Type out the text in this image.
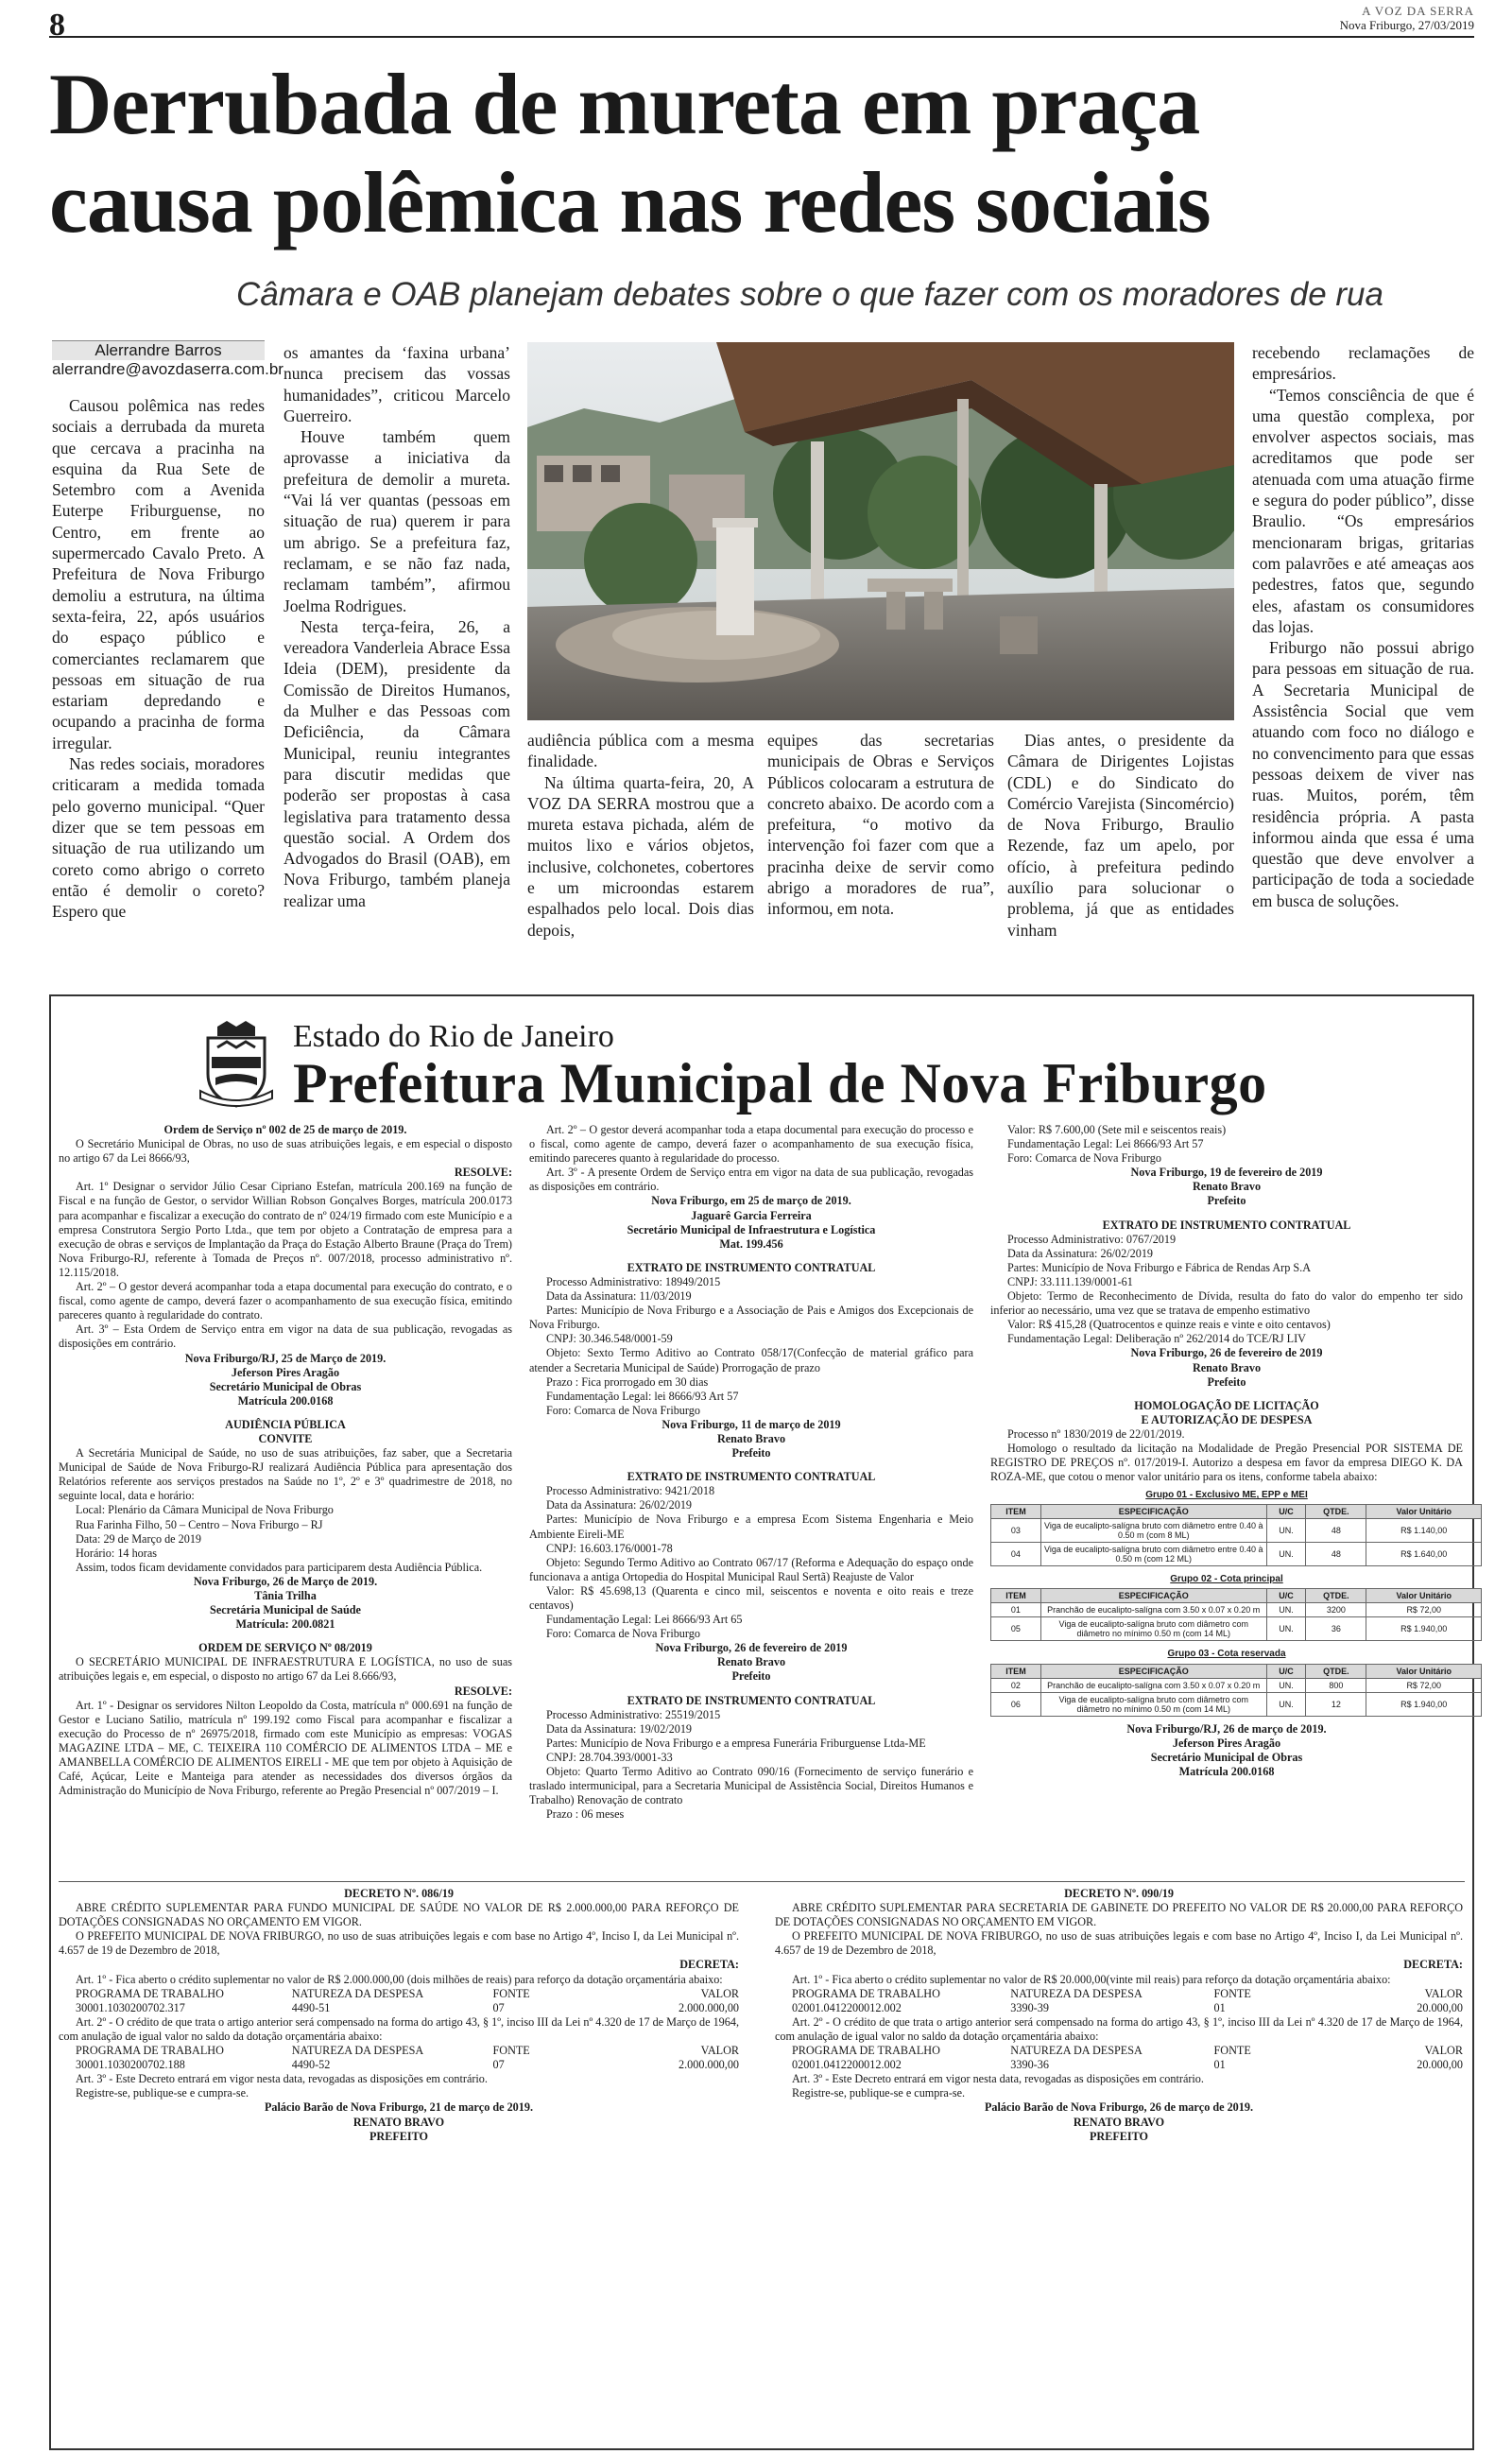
8	A VOZ DA SERRA
Nova Friburgo, 27/03/2019
Derrubada de mureta em praça
causa polêmica nas redes sociais
Câmara e OAB planejam debates sobre o que fazer com os moradores de rua
Alerrandre Barros
alerrandre@avozdaserra.com.br

Causou polêmica nas redes sociais a derrubada da mureta que cercava a pracinha na esquina da Rua Sete de Setembro com a Avenida Euterpe Friburguense, no Centro, em frente ao supermercado Cavalo Preto. A Prefeitura de Nova Friburgo demoliu a estrutura, na última sexta-feira, 22, após usuários do espaço público e comerciantes reclamarem que pessoas em situação de rua estariam depredando e ocupando a pracinha de forma irregular.

Nas redes sociais, moradores criticaram a medida tomada pelo governo municipal. “Quer dizer que se tem pessoas em situação de rua utilizando um coreto como abrigo o correto então é demolir o coreto? Espero que

os amantes da ‘faxina urbana’ nunca precisem das vossas humanidades”, criticou Marcelo Guerreiro.

Houve também quem aprovasse a iniciativa da prefeitura de demolir a mureta. “Vai lá ver quantas (pessoas em situação de rua) querem ir para um abrigo. Se a prefeitura faz, reclamam, e se não faz nada, reclamam também”, afirmou Joelma Rodrigues.

Nesta terça-feira, 26, a vereadora Vanderleia Abrace Essa Ideia (DEM), presidente da Comissão de Direitos Humanos, da Mulher e das Pessoas com Deficiência, da Câmara Municipal, reuniu integrantes para discutir medidas que poderão ser propostas à casa legislativa para tratamento dessa questão social. A Ordem dos Advogados do Brasil (OAB), em Nova Friburgo, também planeja realizar uma

audiência pública com a mesma finalidade.

Na última quarta-feira, 20, A VOZ DA SERRA mostrou que a mureta estava pichada, além de muitos lixo e vários objetos, inclusive, colchonetes, cobertores e um microondas estarem espalhados pelo local. Dois dias depois,

equipes das secretarias municipais de Obras e Serviços Públicos colocaram a estrutura de concreto abaixo. De acordo com a prefeitura, “o motivo da intervenção foi fazer com que a pracinha deixe de servir como abrigo a moradores de rua”, informou, em nota.

Dias antes, o presidente da Câmara de Dirigentes Lojistas (CDL) e do Sindicato do Comércio Varejista (Sincomércio) de Nova Friburgo, Braulio Rezende, faz um apelo, por ofício, à prefeitura pedindo auxílio para solucionar o problema, já que as entidades vinham

recebendo reclamações de empresários.

“Temos consciência de que é uma questão complexa, por envolver aspectos sociais, mas acreditamos que pode ser atenuada com uma atuação firme e segura do poder público”, disse Braulio. “Os empresários mencionaram brigas, gritarias com palavrões e até ameaças aos pedestres, fatos que, segundo eles, afastam os consumidores das lojas.

Friburgo não possui abrigo para pessoas em situação de rua. A Secretaria Municipal de Assistência Social que vem atuando com foco no diálogo e no convencimento para que essas pessoas deixem de viver nas ruas. Muitos, porém, têm residência própria. A pasta informou ainda que essa é uma questão que deve envolver a participação de toda a sociedade em busca de soluções.

Estado do Rio de Janeiro
Prefeitura Municipal de Nova Friburgo

Ordem de Serviço nº 002 de 25 de março de 2019.

O Secretário Municipal de Obras, no uso de suas atribuições legais, e em especial o disposto no artigo 67 da Lei 8666/93,

RESOLVE:

Art. 1º Designar o servidor Júlio Cesar Cipriano Estefan, matrícula 200.169 na função de Fiscal e na função de Gestor, o servidor Willian Robson Gonçalves Borges, matrícula 200.0173 para acompanhar e fiscalizar a execução do contrato de nº 024/19 firmado com este Município e a empresa Construtora Sergio Porto Ltda., que tem por objeto a Contratação de empresa para a execução de obras e serviços de Implantação da Praça do Estação Alberto Braune (Praça do Trem) Nova Friburgo-RJ, referente à Tomada de Preços nº. 007/2018, processo administrativo nº. 12.115/2018.

Art. 2º – O gestor deverá acompanhar toda a etapa documental para execução do contrato, e o fiscal, como agente de campo, deverá fazer o acompanhamento de sua execução física, emitindo pareceres quanto à regularidade do contrato.

Art. 3º – Esta Ordem de Serviço entra em vigor na data de sua publicação, revogadas as disposições em contrário.

Nova Friburgo/RJ, 25 de Março de 2019.

Jeferson Pires Aragão

Secretário Municipal de Obras

Matrícula 200.0168

AUDIÊNCIA PÚBLICA

CONVITE

A Secretária Municipal de Saúde, no uso de suas atribuições, faz saber, que a Secretaria Municipal de Saúde de Nova Friburgo-RJ realizará Audiência Pública para apresentação dos Relatórios referente aos serviços prestados na Saúde no 1º, 2º e 3º quadrimestre de 2018, no seguinte local, data e horário:

Local: Plenário da Câmara Municipal de Nova Friburgo

Rua Farinha Filho, 50 – Centro – Nova Friburgo – RJ

Data: 29 de Março de 2019

Horário: 14 horas

Assim, todos ficam devidamente convidados para participarem desta Audiência Pública.

Nova Friburgo, 26 de Março de 2019.

Tânia Trilha

Secretária Municipal de Saúde

Matrícula: 200.0821

ORDEM DE SERVIÇO Nº 08/2019

O SECRETÁRIO MUNICIPAL DE INFRAESTRUTURA E LOGÍSTICA, no uso de suas atribuições legais e, em especial, o disposto no artigo 67 da Lei 8.666/93,

RESOLVE:

Art. 1º - Designar os servidores Nilton Leopoldo da Costa, matrícula nº 000.691 na função de Gestor e Luciano Satilio, matrícula nº 199.192 como Fiscal para acompanhar e fiscalizar a execução do Processo de nº 26975/2018, firmado com este Município as empresas: VOGAS MAGAZINE LTDA – ME, C. TEIXEIRA 110 COMÉRCIO DE ALIMENTOS LTDA – ME e AMANBELLA COMÉRCIO DE ALIMENTOS EIRELI - ME que tem por objeto à Aquisição de Café, Açúcar, Leite e Manteiga para atender as necessidades dos diversos órgãos da Administração do Município de Nova Friburgo, referente ao Pregão Presencial nº 007/2019 – I.

Art. 2º – O gestor deverá acompanhar toda a etapa documental para execução do processo e o fiscal, como agente de campo, deverá fazer o acompanhamento de sua execução física, emitindo pareceres quanto à regularidade do processo.

Art. 3º - A presente Ordem de Serviço entra em vigor na data de sua publicação, revogadas as disposições em contrário.

Nova Friburgo, em 25 de março de 2019.

Jaguarê Garcia Ferreira

Secretário Municipal de Infraestrutura e Logística

Mat. 199.456

EXTRATO DE INSTRUMENTO CONTRATUAL

Processo Administrativo: 18949/2015

Data da Assinatura: 11/03/2019

Partes: Município de Nova Friburgo e a Associação de Pais e Amigos dos Excepcionais de Nova Friburgo.

CNPJ: 30.346.548/0001-59

Objeto: Sexto Termo Aditivo ao Contrato 058/17(Confecção de material gráfico para atender a Secretaria Municipal de Saúde) Prorrogação de prazo

Prazo : Fica prorrogado em 30 dias

Fundamentação Legal: lei 8666/93 Art 57

Foro: Comarca de Nova Friburgo

Nova Friburgo, 11 de março de 2019

Renato Bravo

Prefeito

EXTRATO DE INSTRUMENTO CONTRATUAL

Processo Administrativo: 9421/2018

Data da Assinatura: 26/02/2019

Partes: Município de Nova Friburgo e a empresa Ecom Sistema Engenharia e Meio Ambiente Eireli-ME

CNPJ: 16.603.176/0001-78

Objeto: Segundo Termo Aditivo ao Contrato 067/17 (Reforma e Adequação do espaço onde funcionava a antiga Ortopedia do Hospital Municipal Raul Sertã) Reajuste de Valor

Valor: R$ 45.698,13 (Quarenta e cinco mil, seiscentos e noventa e oito reais e treze centavos)

Fundamentação Legal: Lei 8666/93 Art 65

Foro: Comarca de Nova Friburgo

Nova Friburgo, 26 de fevereiro de 2019

Renato Bravo

Prefeito

EXTRATO DE INSTRUMENTO CONTRATUAL

Processo Administrativo: 25519/2015

Data da Assinatura: 19/02/2019

Partes: Município de Nova Friburgo e a empresa Funerária Friburguense Ltda-ME

CNPJ: 28.704.393/0001-33

Objeto: Quarto Termo Aditivo ao Contrato 090/16 (Fornecimento de serviço funerário e traslado intermunicipal, para a Secretaria Municipal de Assistência Social, Direitos Humanos e Trabalho) Renovação de contrato

Prazo : 06 meses

Valor: R$ 7.600,00 (Sete mil e seiscentos reais)

Fundamentação Legal: Lei 8666/93 Art 57

Foro: Comarca de Nova Friburgo

Nova Friburgo, 19 de fevereiro de 2019

Renato Bravo

Prefeito

EXTRATO DE INSTRUMENTO CONTRATUAL

Processo Administrativo: 0767/2019

Data da Assinatura: 26/02/2019

Partes: Município de Nova Friburgo e Fábrica de Rendas Arp S.A

CNPJ: 33.111.139/0001-61

Objeto: Termo de Reconhecimento de Dívida, resulta do fato do valor do empenho ter sido inferior ao necessário, uma vez que se tratava de empenho estimativo

Valor: R$ 415,28 (Quatrocentos e quinze reais e vinte e oito centavos)

Fundamentação Legal: Deliberação nº 262/2014 do TCE/RJ LIV

Nova Friburgo, 26 de fevereiro de 2019

Renato Bravo

Prefeito

HOMOLOGAÇÃO DE LICITAÇÃO

E AUTORIZAÇÃO DE DESPESA

Processo nº 1830/2019 de 22/01/2019.

Homologo o resultado da licitação na Modalidade de Pregão Presencial POR SISTEMA DE REGISTRO DE PREÇOS nº. 017/2019-I. Autorizo a despesa em favor da empresa DIEGO K. DA ROZA-ME, que cotou o menor valor unitário para os itens, conforme tabela abaixo:

Grupo 01 - Exclusivo ME, EPP e MEI
ITEM	ESPECIFICAÇÃO	U/C	QTDE.	Valor Unitário
03	Viga de eucalipto-salígna bruto com diâmetro entre 0.40 à 0.50 m (com 8 ML)	UN.	48	R$ 1.140,00
04	Viga de eucalipto-salígna bruto com diâmetro entre 0.40 à 0.50 m (com 12 ML)	UN.	48	R$ 1.640,00
Grupo 02 - Cota principal
ITEM	ESPECIFICAÇÃO	U/C	QTDE.	Valor Unitário
01	Pranchão de eucalipto-salígna com 3.50 x 0.07 x 0.20 m	UN.	3200	R$ 72,00
05	Viga de eucalipto-salígna bruto com diâmetro com diâmetro no mínimo 0.50 m (com 14 ML)	UN.	36	R$ 1.940,00
Grupo 03 - Cota reservada
ITEM	ESPECIFICAÇÃO	U/C	QTDE.	Valor Unitário
02	Pranchão de eucalipto-salígna com 3.50 x 0.07 x 0.20 m	UN.	800	R$ 72,00
06	Viga de eucalipto-salígna bruto com diâmetro com diâmetro no mínimo 0.50 m (com 14 ML)	UN.	12	R$ 1.940,00

Nova Friburgo/RJ, 26 de março de 2019.

Jeferson Pires Aragão

Secretário Municipal de Obras

Matrícula 200.0168

DECRETO Nº. 086/19

ABRE CRÉDITO SUPLEMENTAR PARA FUNDO MUNICIPAL DE SAÚDE NO VALOR DE R$ 2.000.000,00 PARA REFORÇO DE DOTAÇÕES CONSIGNADAS NO ORÇAMENTO EM VIGOR.

O PREFEITO MUNICIPAL DE NOVA FRIBURGO, no uso de suas atribuições legais e com base no Artigo 4º, Inciso I, da Lei Municipal nº. 4.657 de 19 de Dezembro de 2018,

DECRETA:

Art. 1º - Fica aberto o crédito suplementar no valor de R$ 2.000.000,00 (dois milhões de reais) para reforço da dotação orçamentária abaixo:

PROGRAMA DE TRABALHO	NATUREZA DA DESPESA	FONTE	VALOR
30001.1030200702.317	4490-51	07	2.000.000,00

Art. 2º - O crédito de que trata o artigo anterior será compensado na forma do artigo 43, § 1º, inciso III da Lei nº 4.320 de 17 de Março de 1964, com anulação de igual valor no saldo da dotação orçamentária abaixo:

PROGRAMA DE TRABALHO	NATUREZA DA DESPESA	FONTE	VALOR
30001.1030200702.188	4490-52	07	2.000.000,00

Art. 3º - Este Decreto entrará em vigor nesta data, revogadas as disposições em contrário.

Registre-se, publique-se e cumpra-se.

Palácio Barão de Nova Friburgo, 21 de março de 2019.

RENATO BRAVO

PREFEITO

DECRETO Nº. 090/19

ABRE CRÉDITO SUPLEMENTAR PARA SECRETARIA DE GABINETE DO PREFEITO NO VALOR DE R$ 20.000,00 PARA REFORÇO DE DOTAÇÕES CONSIGNADAS NO ORÇAMENTO EM VIGOR.

O PREFEITO MUNICIPAL DE NOVA FRIBURGO, no uso de suas atribuições legais e com base no Artigo 4º, Inciso I, da Lei Municipal nº. 4.657 de 19 de Dezembro de 2018,

DECRETA:

Art. 1º - Fica aberto o crédito suplementar no valor de R$ 20.000,00(vinte mil reais) para reforço da dotação orçamentária abaixo:

PROGRAMA DE TRABALHO	NATUREZA DA DESPESA	FONTE	VALOR
02001.0412200012.002	3390-39	01	20.000,00

Art. 2º - O crédito de que trata o artigo anterior será compensado na forma do artigo 43, § 1º, inciso III da Lei nº 4.320 de 17 de Março de 1964, com anulação de igual valor no saldo da dotação orçamentária abaixo:

PROGRAMA DE TRABALHO	NATUREZA DA DESPESA	FONTE	VALOR
02001.0412200012.002	3390-36	01	20.000,00

Art. 3º - Este Decreto entrará em vigor nesta data, revogadas as disposições em contrário.

Registre-se, publique-se e cumpra-se.

Palácio Barão de Nova Friburgo, 26 de março de 2019.

RENATO BRAVO

PREFEITO
